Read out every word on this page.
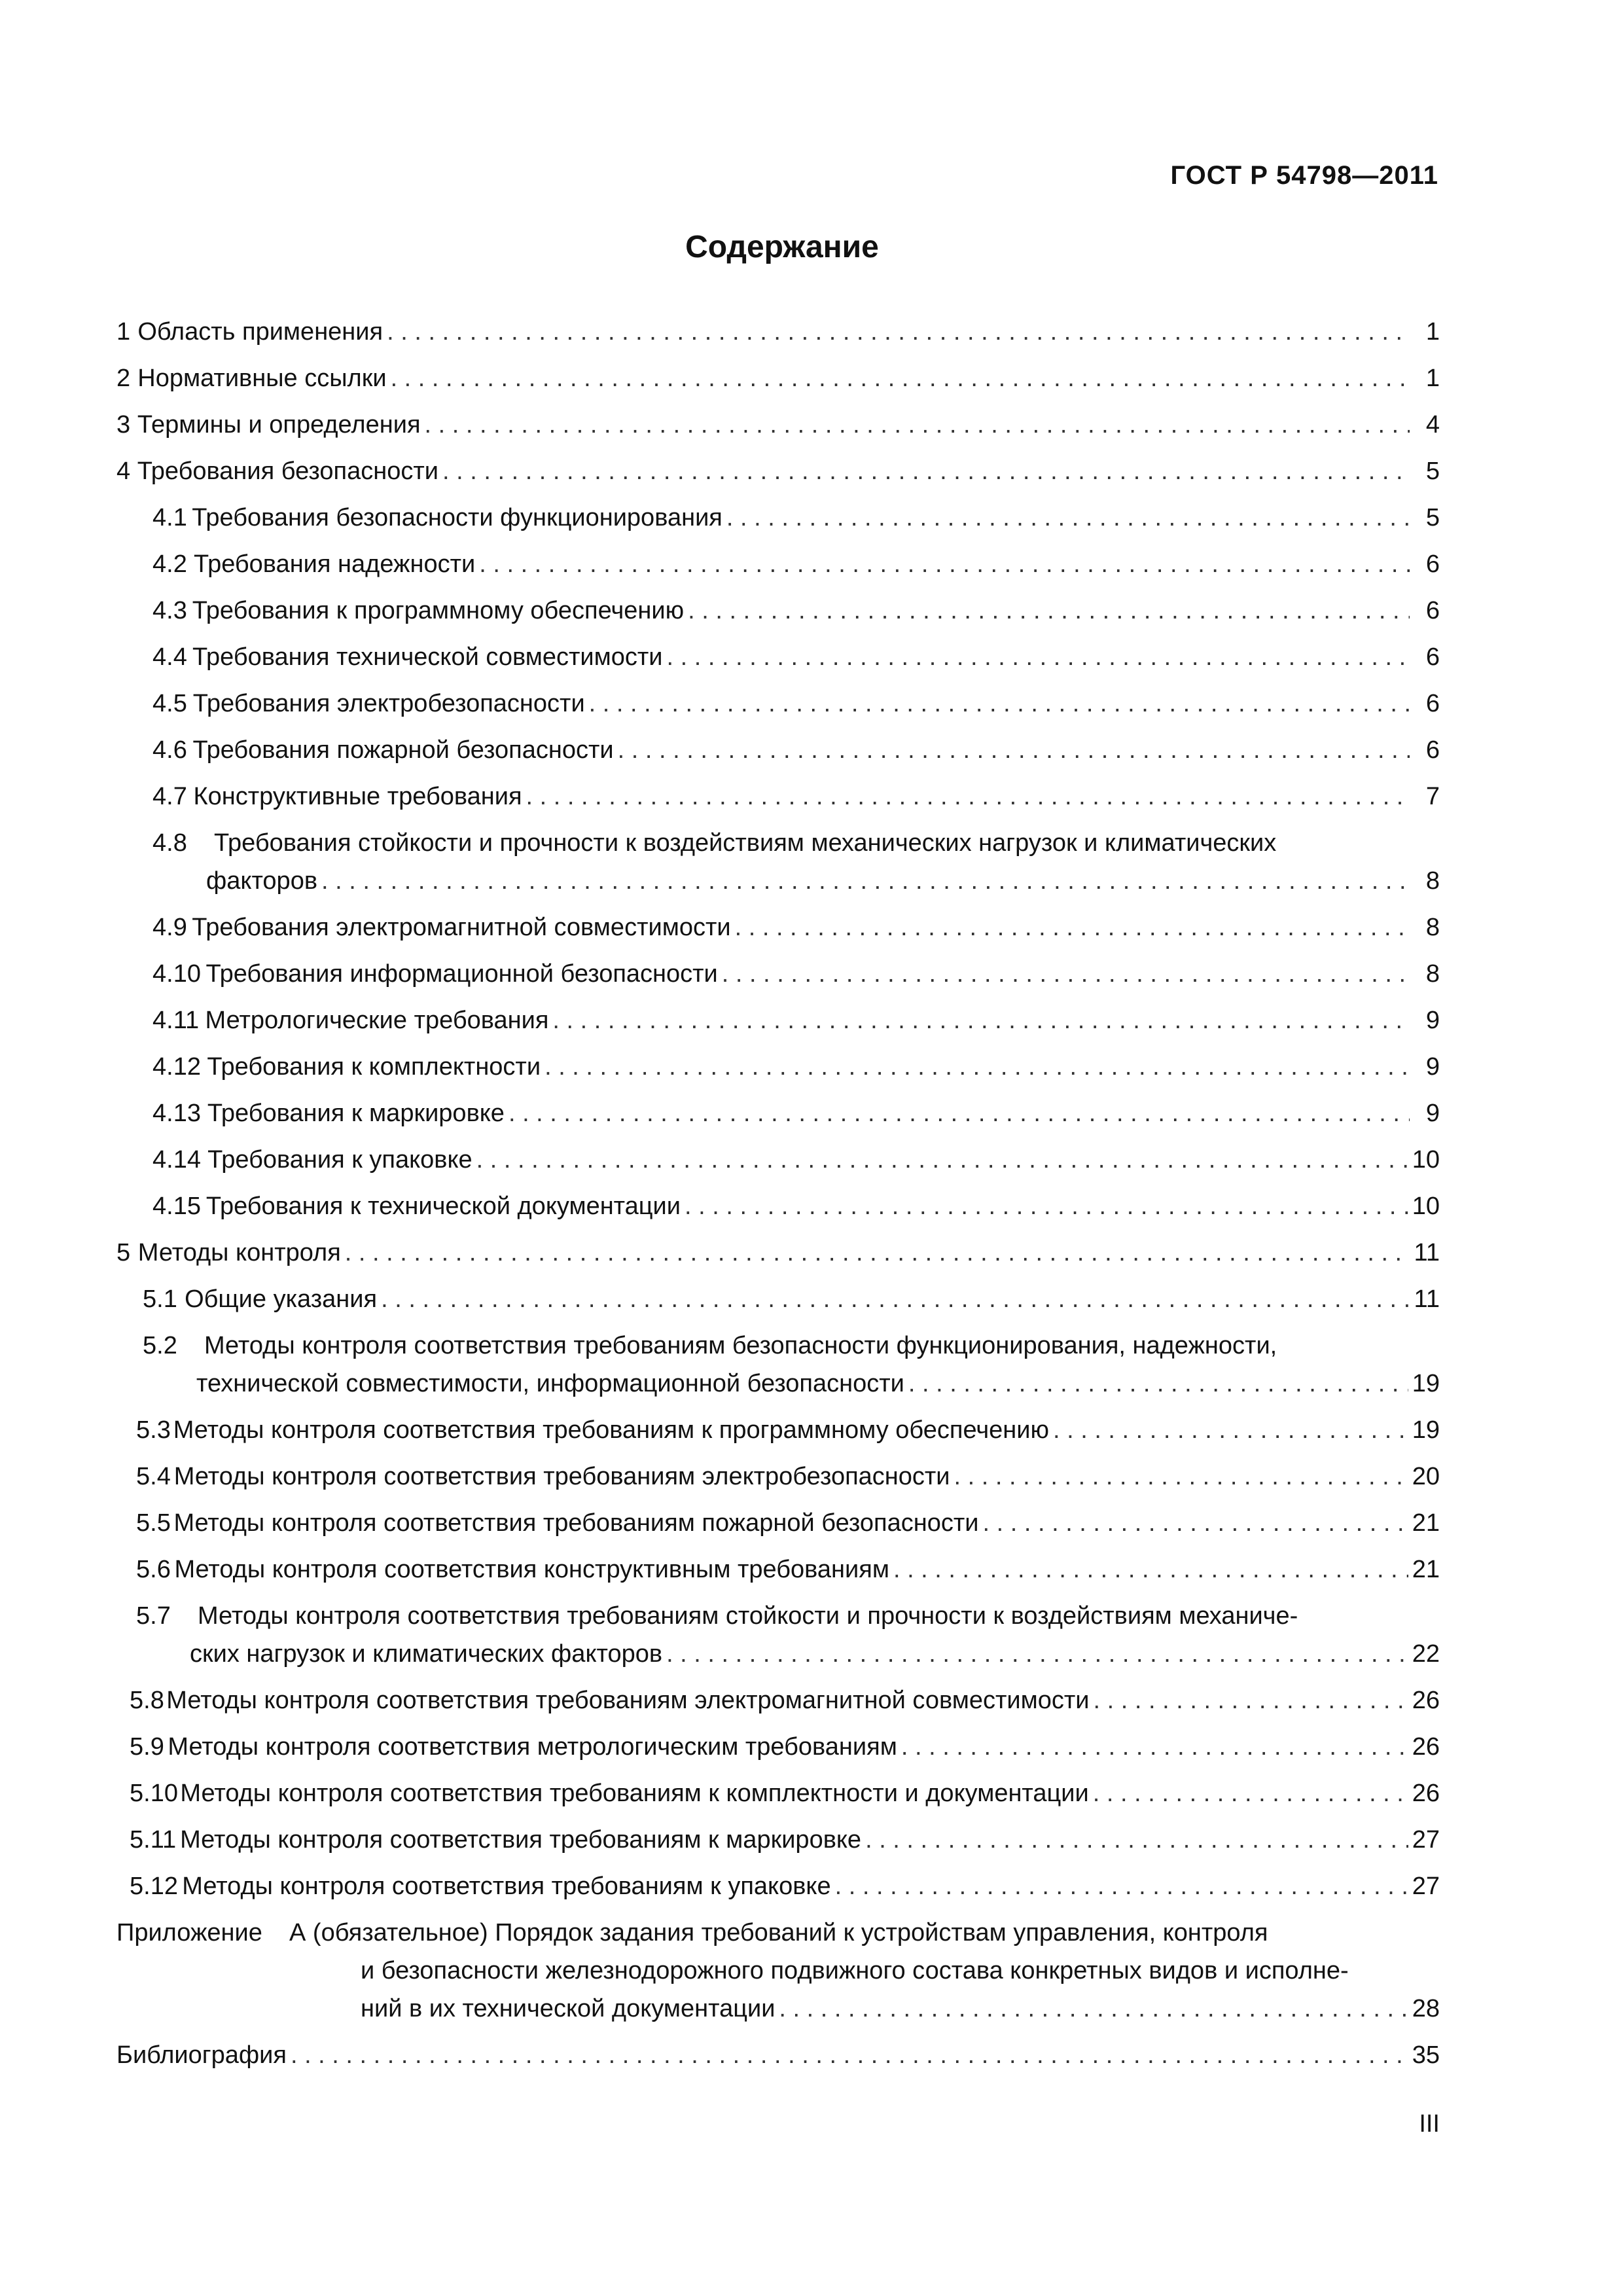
ГОСТ Р 54798—2011
Содержание
1 Область применения . . .	1
2 Нормативные ссылки . . .	1
3 Термины и определения . . .	4
4 Требования безопасности . . .	5
4.1 Требования безопасности функционирования . . .	5
4.2 Требования надежности . . .	6
4.3 Требования к программному обеспечению . . .	6
4.4 Требования технической совместимости . . .	6
4.5 Требования электробезопасности . . .	6
4.6 Требования пожарной безопасности . . .	6
4.7 Конструктивные требования . . .	7
4.8 Требования стойкости и прочности к воздействиям механических нагрузок и климатических
факторов . . .	8
4.9 Требования электромагнитной совместимости . . .	8
4.10 Требования информационной безопасности . . .	8
4.11 Метрологические требования . . .	9
4.12 Требования к комплектности . . .	9
4.13 Требования к маркировке . . .	9
4.14 Требования к упаковке . . .	10
4.15 Требования к технической документации . . .	10
5 Методы контроля . . .	11
5.1 Общие указания . . .	11
5.2 Методы контроля соответствия требованиям безопасности функционирования, надежности,
технической совместимости, информационной безопасности . . .	19
5.3 Методы контроля соответствия требованиям к программному обеспечению . . .	19
5.4 Методы контроля соответствия требованиям электробезопасности . . .	20
5.5 Методы контроля соответствия требованиям пожарной безопасности . . .	21
5.6 Методы контроля соответствия конструктивным требованиям . . .	21
5.7 Методы контроля соответствия требованиям стойкости и прочности к воздействиям механиче-
ских нагрузок и климатических факторов . . .	22
5.8 Методы контроля соответствия требованиям электромагнитной совместимости . . .	26
5.9 Методы контроля соответствия метрологическим требованиям . . .	26
5.10 Методы контроля соответствия требованиям к комплектности и документации . . .	26
5.11 Методы контроля соответствия требованиям к маркировке . . .	27
5.12 Методы контроля соответствия требованиям к упаковке . . .	27
Приложение А (обязательное) Порядок задания требований к устройствам управления, контроля
и безопасности железнодорожного подвижного состава конкретных видов и исполне-
ний в их технической документации . . .	28
Библиография . . .	35
III
